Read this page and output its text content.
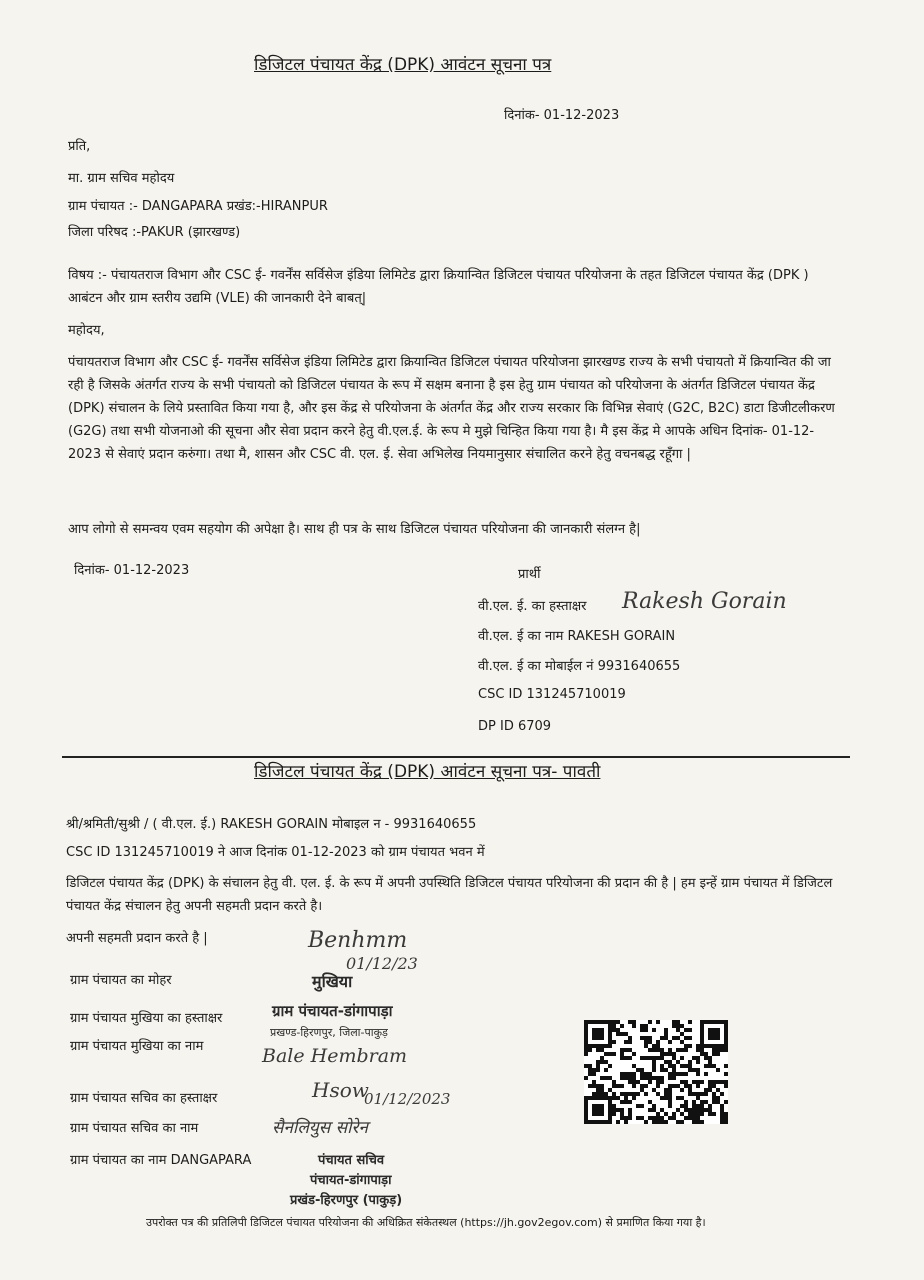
डिजिटल पंचायत केंद्र (DPK) आवंटन सूचना पत्र
दिनांक- 01-12-2023
प्रति,
मा. ग्राम सचिव महोदय
ग्राम पंचायत :- DANGAPARA प्रखंड:-HIRANPUR
जिला परिषद :-PAKUR (झारखण्ड)
विषय :- पंचायतराज विभाग और CSC ई- गवर्नेंस सर्विसेज इंडिया लिमिटेड द्वारा क्रियान्वित डिजिटल पंचायत परियोजना के तहत डिजिटल पंचायत केंद्र (DPK ) आबंटन और ग्राम स्तरीय उद्यमि (VLE) की जानकारी देने बाबत्|
महोदय,
पंचायतराज विभाग और CSC ई- गवर्नेंस सर्विसेज इंडिया लिमिटेड द्वारा क्रियान्वित डिजिटल पंचायत परियोजना झारखण्ड राज्य के सभी पंचायतो में क्रियान्वित की जा रही है जिसके अंतर्गत राज्य के सभी पंचायतो को डिजिटल पंचायत के रूप में सक्षम बनाना है इस हेतु ग्राम पंचायत को परियोजना के अंतर्गत डिजिटल पंचायत केंद्र (DPK) संचालन के लिये प्रस्तावित किया गया है, और इस केंद्र से परियोजना के अंतर्गत केंद्र और राज्य सरकार कि विभिन्न सेवाएं (G2C, B2C) डाटा डिजीटलीकरण (G2G) तथा सभी योजनाओ की सूचना और सेवा प्रदान करने हेतु वी.एल.ई. के रूप मे मुझे चिन्हित किया गया है। मै इस केंद्र मे आपके अधिन दिनांक- 01-12-2023 से सेवाएं प्रदान करुंगा। तथा मै, शासन और CSC वी. एल. ई. सेवा अभिलेख नियमानुसार संचालित करने हेतु वचनबद्ध रहूँगा |
आप लोगो से समन्वय एवम सहयोग की अपेक्षा है। साथ ही पत्र के साथ डिजिटल पंचायत परियोजना की जानकारी संलग्न है|
दिनांक- 01-12-2023	प्रार्थी
वी.एल. ई. का हस्ताक्षर Rakesh Gorain
वी.एल. ई का नाम RAKESH GORAIN
वी.एल. ई का मोबाईल नं 9931640655
CSC ID 131245710019
DP ID 6709
डिजिटल पंचायत केंद्र (DPK) आवंटन सूचना पत्र- पावती
श्री/श्रमिती/सुश्री / ( वी.एल. ई.) RAKESH GORAIN मोबाइल न - 9931640655
CSC ID 131245710019 ने आज दिनांक 01-12-2023 को ग्राम पंचायत भवन में
डिजिटल पंचायत केंद्र (DPK) के संचालन हेतु वी. एल. ई. के रूप में अपनी उपस्थिति डिजिटल पंचायत परियोजना की प्रदान की है | हम इन्हें ग्राम पंचायत में डिजिटल पंचायत केंद्र संचालन हेतु अपनी सहमती प्रदान करते है।
अपनी सहमती प्रदान करते है |	Benhmm
01/12/23
ग्राम पंचायत का मोहर	मुखिया
ग्राम पंचायत मुखिया का हस्ताक्षर	ग्राम पंचायत-डांगापाड़ा
प्रखण्ड-हिरणपुर, जिला-पाकुड़
ग्राम पंचायत मुखिया का नाम	Bale Hembram
ग्राम पंचायत सचिव का हस्ताक्षर	Hsow
01/12/2023
ग्राम पंचायत सचिव का नाम	सैनलियुस सोरेन
ग्राम पंचायत का नाम DANGAPARA	पंचायत सचिव
पंचायत-डांगापाड़ा
प्रखंड-हिरणपुर (पाकुड़)
उपरोक्त पत्र की प्रतिलिपी डिजिटल पंचायत परियोजना की अधिक्रित संकेतस्थल (https://jh.gov2egov.com) से प्रमाणित किया गया है।
